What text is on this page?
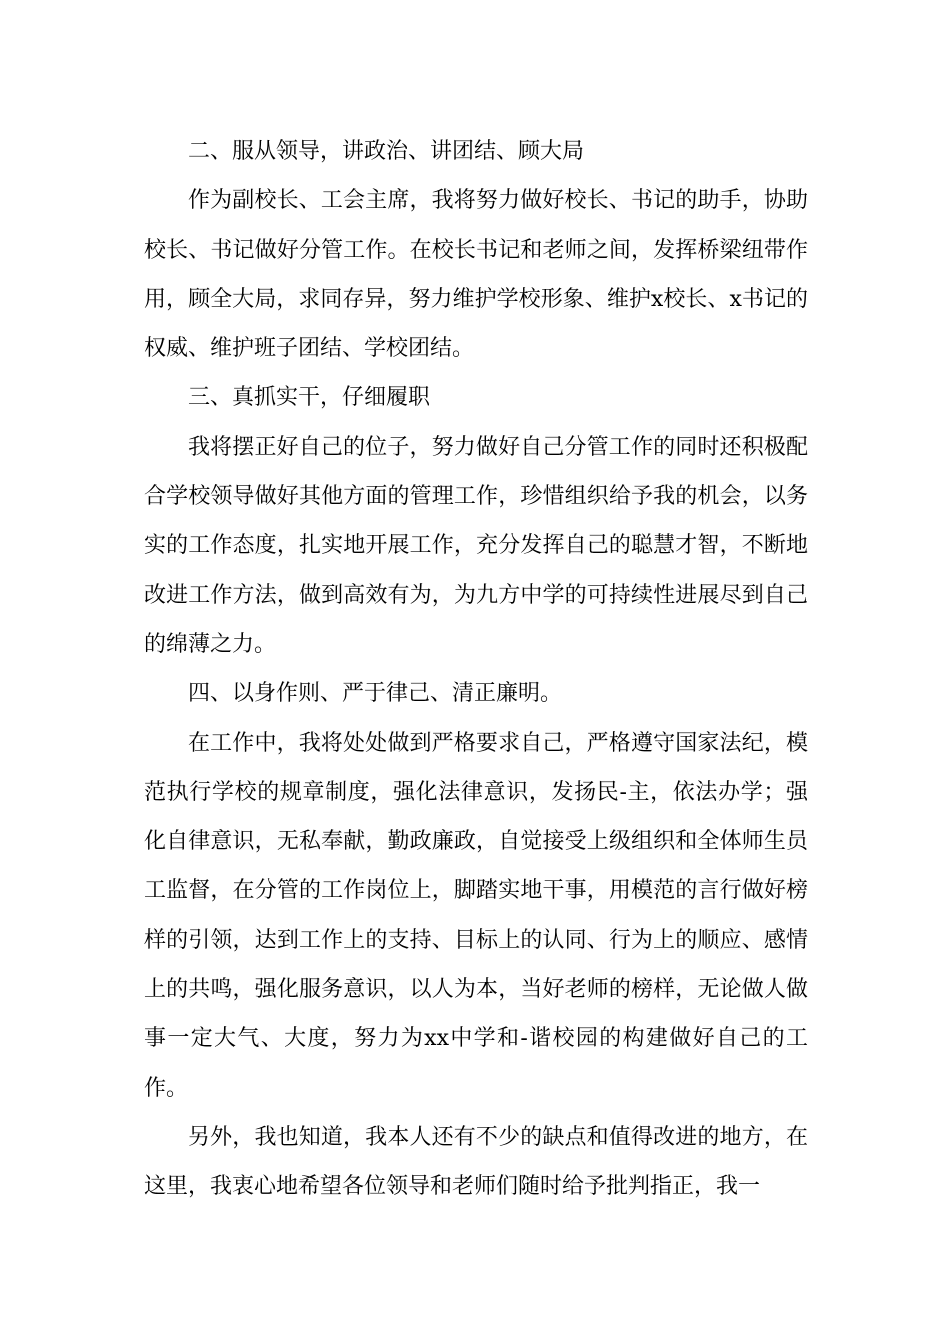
二、服从领导，讲政治、讲团结、顾大局

作为副校长、工会主席，我将努力做好校长、书记的助手，协助校长、书记做好分管工作。在校长书记和老师之间，发挥桥梁纽带作用，顾全大局，求同存异，努力维护学校形象、维护x校长、x书记的权威、维护班子团结、学校团结。

三、真抓实干，仔细履职

我将摆正好自己的位子，努力做好自己分管工作的同时还积极配合学校领导做好其他方面的管理工作，珍惜组织给予我的机会，以务实的工作态度，扎实地开展工作，充分发挥自己的聪慧才智，不断地改进工作方法，做到高效有为，为九方中学的可持续性进展尽到自己的绵薄之力。

四、以身作则、严于律己、清正廉明。

在工作中，我将处处做到严格要求自己，严格遵守国家法纪，模范执行学校的规章制度，强化法律意识，发扬民-主，依法办学；强化自律意识，无私奉献，勤政廉政，自觉接受上级组织和全体师生员工监督，在分管的工作岗位上，脚踏实地干事，用模范的言行做好榜样的引领，达到工作上的支持、目标上的认同、行为上的顺应、感情上的共鸣，强化服务意识，以人为本，当好老师的榜样，无论做人做事一定大气、大度，努力为xx中学和-谐校园的构建做好自己的工作。

另外，我也知道，我本人还有不少的缺点和值得改进的地方，在这里，我衷心地希望各位领导和老师们随时给予批判指正，我一
